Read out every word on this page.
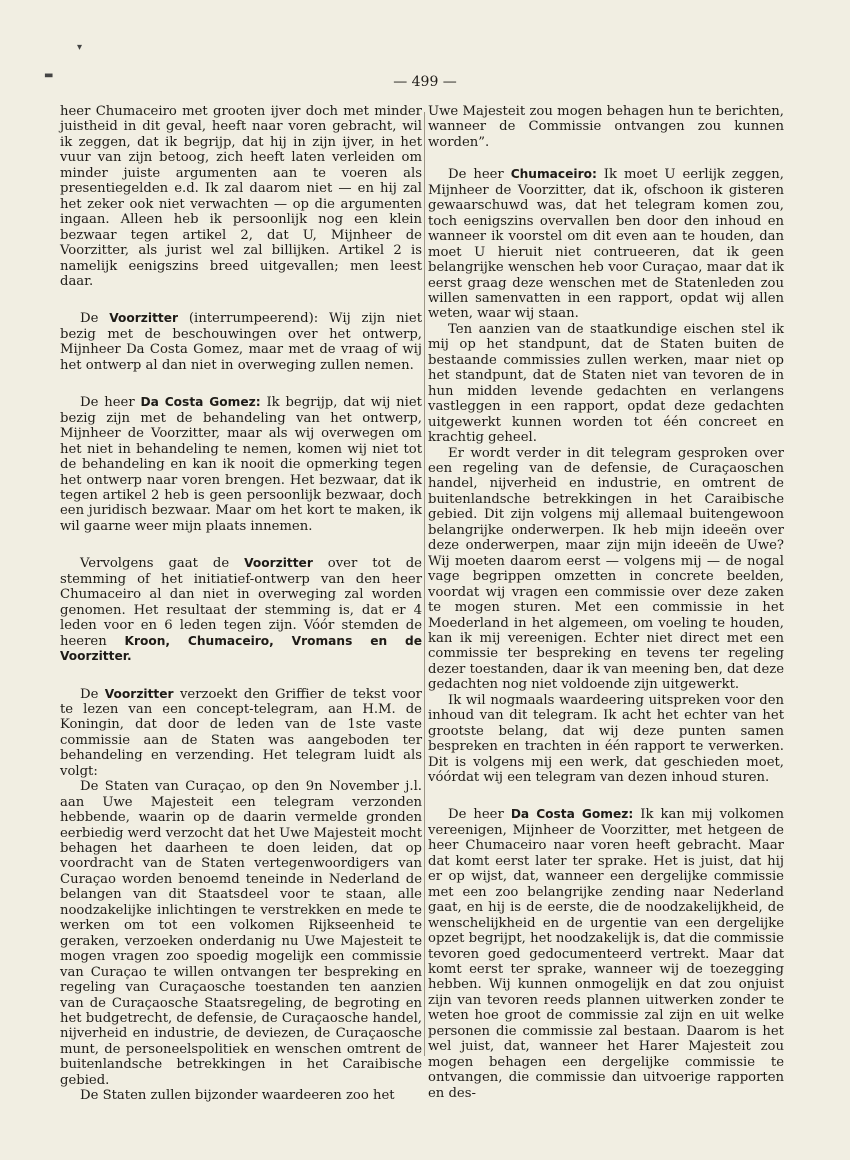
▾
▬	— 499 —

heer Chumaceiro met grooten ijver doch met minder juistheid in dit geval, heeft naar voren gebracht, wil ik zeggen, dat ik begrijp, dat hij in zijn ijver, in het vuur van zijn betoog, zich heeft laten verleiden om minder juiste argumenten aan te voeren als presentiegelden e.d. Ik zal daarom niet — en hij zal het zeker ook niet verwachten — op die argumenten ingaan. Alleen heb ik persoonlijk nog een klein bezwaar tegen artikel 2, dat U, Mijnheer de Voorzitter, als jurist wel zal billijken. Artikel 2 is namelijk eenigszins breed uitgevallen; men leest daar.

De Voorzitter (interrumpeerend): Wij zijn niet bezig met de beschouwingen over het ontwerp, Mijnheer Da Costa Gomez, maar met de vraag of wij het ontwerp al dan niet in overweging zullen nemen.

De heer Da Costa Gomez: Ik begrijp, dat wij niet bezig zijn met de behandeling van het ontwerp, Mijnheer de Voorzitter, maar als wij overwegen om het niet in behandeling te nemen, komen wij niet tot de behandeling en kan ik nooit die opmerking tegen het ontwerp naar voren brengen. Het bezwaar, dat ik tegen artikel 2 heb is geen persoonlijk bezwaar, doch een juridisch bezwaar. Maar om het kort te maken, ik wil gaarne weer mijn plaats innemen.

Vervolgens gaat de Voorzitter over tot de stemming of het initiatief-ontwerp van den heer Chumaceiro al dan niet in overweging zal worden genomen. Het resultaat der stemming is, dat er 4 leden voor en 6 leden tegen zijn. Vóór stemden de heeren Kroon, Chumaceiro, Vromans en de Voorzitter.

De Voorzitter verzoekt den Griffier de tekst voor te lezen van een concept-telegram, aan H.M. de Koningin, dat door de leden van de 1ste vaste commissie aan de Staten was aangeboden ter behandeling en verzending. Het telegram luidt als volgt:

De Staten van Curaçao, op den 9n November j.l. aan Uwe Majesteit een telegram verzonden hebbende, waarin op de daarin vermelde gronden eerbiedig werd verzocht dat het Uwe Majesteit mocht behagen het daarheen te doen leiden, dat op voordracht van de Staten vertegenwoordigers van Curaçao worden benoemd teneinde in Nederland de belangen van dit Staatsdeel voor te staan, alle noodzakelijke inlichtingen te verstrekken en mede te werken om tot een volkomen Rijkseenheid te geraken, verzoeken onderdanig nu Uwe Majesteit te mogen vragen zoo spoedig mogelijk een commissie van Curaçao te willen ontvangen ter bespreking en regeling van Curaçaosche toestanden ten aanzien van de Curaçaosche Staatsregeling, de begroting en het budgetrecht, de defensie, de Curaçaosche handel, nijverheid en industrie, de deviezen, de Curaçaosche munt, de personeelspolitiek en wenschen omtrent de buitenlandsche betrekkingen in het Caraibische gebied.

De Staten zullen bijzonder waardeeren zoo het

Uwe Majesteit zou mogen behagen hun te berichten, wanneer de Commissie ontvangen zou kunnen worden”.

De heer Chumaceiro: Ik moet U eerlijk zeggen, Mijnheer de Voorzitter, dat ik, ofschoon ik gisteren gewaarschuwd was, dat het telegram komen zou, toch eenigszins overvallen ben door den inhoud en wanneer ik voorstel om dit even aan te houden, dan moet U hieruit niet contrueeren, dat ik geen belangrijke wenschen heb voor Curaçao, maar dat ik eerst graag deze wenschen met de Statenleden zou willen samenvatten in een rapport, opdat wij allen weten, waar wij staan.

Ten aanzien van de staatkundige eischen stel ik mij op het standpunt, dat de Staten buiten de bestaande commissies zullen werken, maar niet op het standpunt, dat de Staten niet van tevoren de in hun midden levende gedachten en verlangens vastleggen in een rapport, opdat deze gedachten uitgewerkt kunnen worden tot één concreet en krachtig geheel.

Er wordt verder in dit telegram gesproken over een regeling van de defensie, de Curaçaoschen handel, nijverheid en industrie, en omtrent de buitenlandsche betrekkingen in het Caraibische gebied. Dit zijn volgens mij allemaal buitengewoon belangrijke onderwerpen. Ik heb mijn ideeën over deze onderwerpen, maar zijn mijn ideeën de Uwe? Wij moeten daarom eerst — volgens mij — de nogal vage begrippen omzetten in concrete beelden, voordat wij vragen een commissie over deze zaken te mogen sturen. Met een commissie in het Moederland in het algemeen, om voeling te houden, kan ik mij vereenigen. Echter niet direct met een commissie ter bespreking en tevens ter regeling dezer toestanden, daar ik van meening ben, dat deze gedachten nog niet voldoende zijn uitgewerkt.

Ik wil nogmaals waardeering uitspreken voor den inhoud van dit telegram. Ik acht het echter van het grootste belang, dat wij deze punten samen bespreken en trachten in één rapport te verwerken. Dit is volgens mij een werk, dat geschieden moet, vóórdat wij een telegram van dezen inhoud sturen.

De heer Da Costa Gomez: Ik kan mij volkomen vereenigen, Mijnheer de Voorzitter, met hetgeen de heer Chumaceiro naar voren heeft gebracht. Maar dat komt eerst later ter sprake. Het is juist, dat hij er op wijst, dat, wanneer een dergelijke commissie met een zoo belangrijke zending naar Nederland gaat, en hij is de eerste, die de noodzakelijkheid, de wenschelijkheid en de urgentie van een dergelijke opzet begrijpt, het noodzakelijk is, dat die commissie tevoren goed gedocumenteerd vertrekt. Maar dat komt eerst ter sprake, wanneer wij de toezegging hebben. Wij kunnen onmogelijk en dat zou onjuist zijn van tevoren reeds plannen uitwerken zonder te weten hoe groot de commissie zal zijn en uit welke personen die commissie zal bestaan. Daarom is het wel juist, dat, wanneer het Harer Majesteit zou mogen behagen een dergelijke commissie te ontvangen, die commissie dan uitvoerige rapporten en des-
